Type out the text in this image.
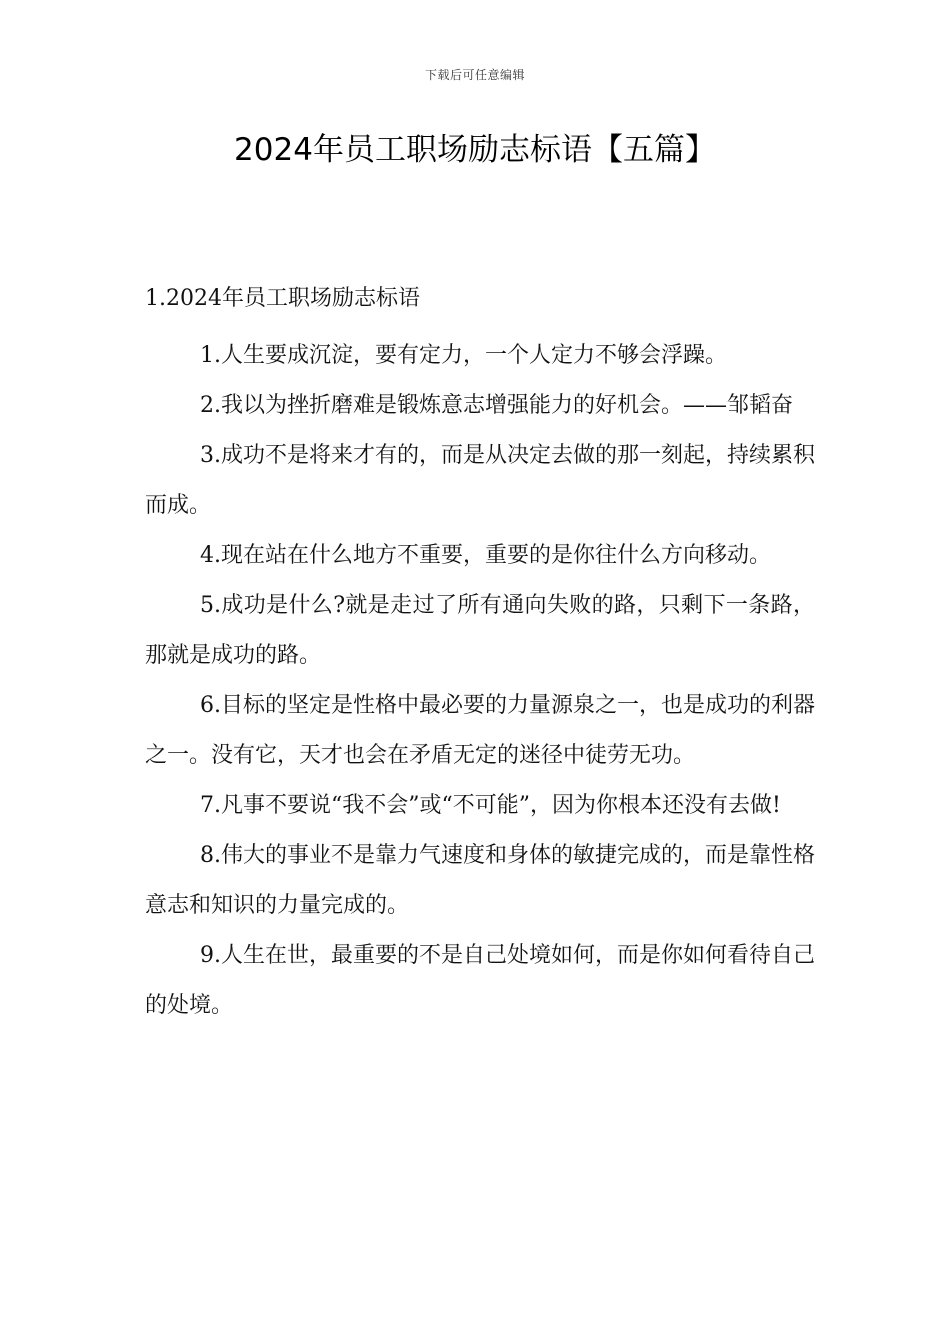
下载后可任意编辑
2024年员工职场励志标语【五篇】

1.2024年员工职场励志标语

1.人生要成沉淀，要有定力，一个人定力不够会浮躁。

2.我以为挫折磨难是锻炼意志增强能力的好机会。——邹韬奋

3.成功不是将来才有的，而是从决定去做的那一刻起，持续累积而成。

4.现在站在什么地方不重要，重要的是你往什么方向移动。

5.成功是什么?就是走过了所有通向失败的路，只剩下一条路，那就是成功的路。

6.目标的坚定是性格中最必要的力量源泉之一，也是成功的利器之一。没有它，天才也会在矛盾无定的迷径中徒劳无功。

7.凡事不要说“我不会”或“不可能”，因为你根本还没有去做!

8.伟大的事业不是靠力气速度和身体的敏捷完成的，而是靠性格意志和知识的力量完成的。

9.人生在世，最重要的不是自己处境如何，而是你如何看待自己的处境。
